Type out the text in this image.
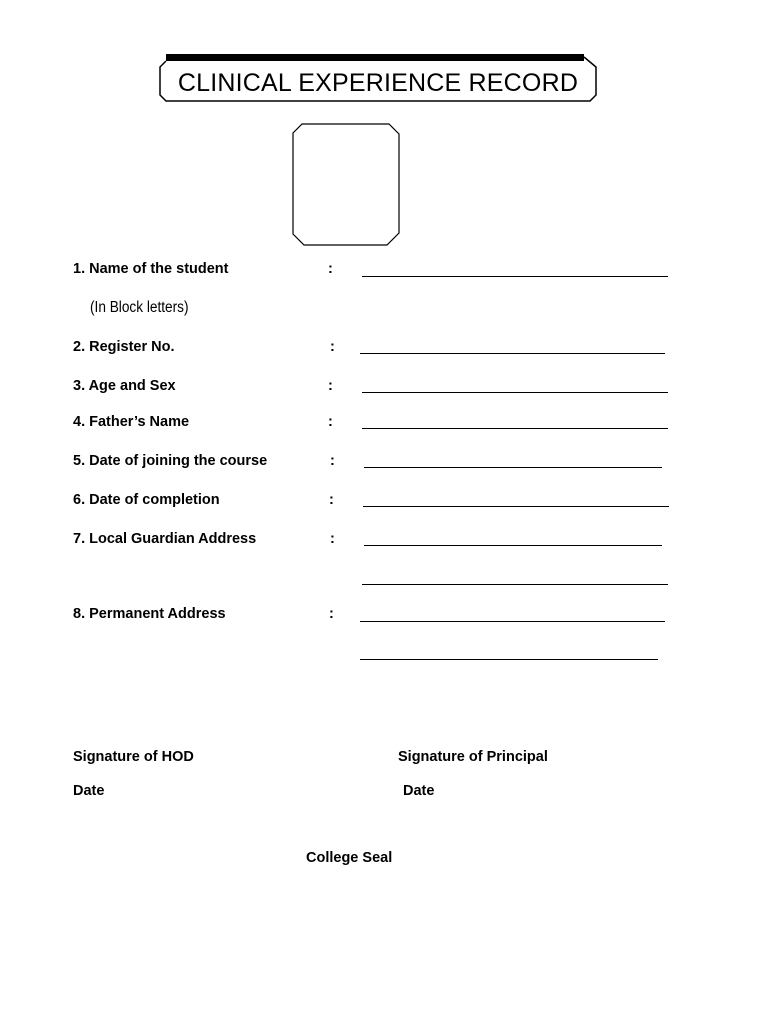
CLINICAL EXPERIENCE RECORD
1. Name of the student	:
(In Block letters)
2. Register No.	:
3. Age and Sex	:
4. Father’s Name	:
5. Date of joining the course	:
6. Date of completion	:
7. Local Guardian Address	:
8. Permanent Address	:
Signature of HOD	Signature of Principal
Date	Date
College Seal
